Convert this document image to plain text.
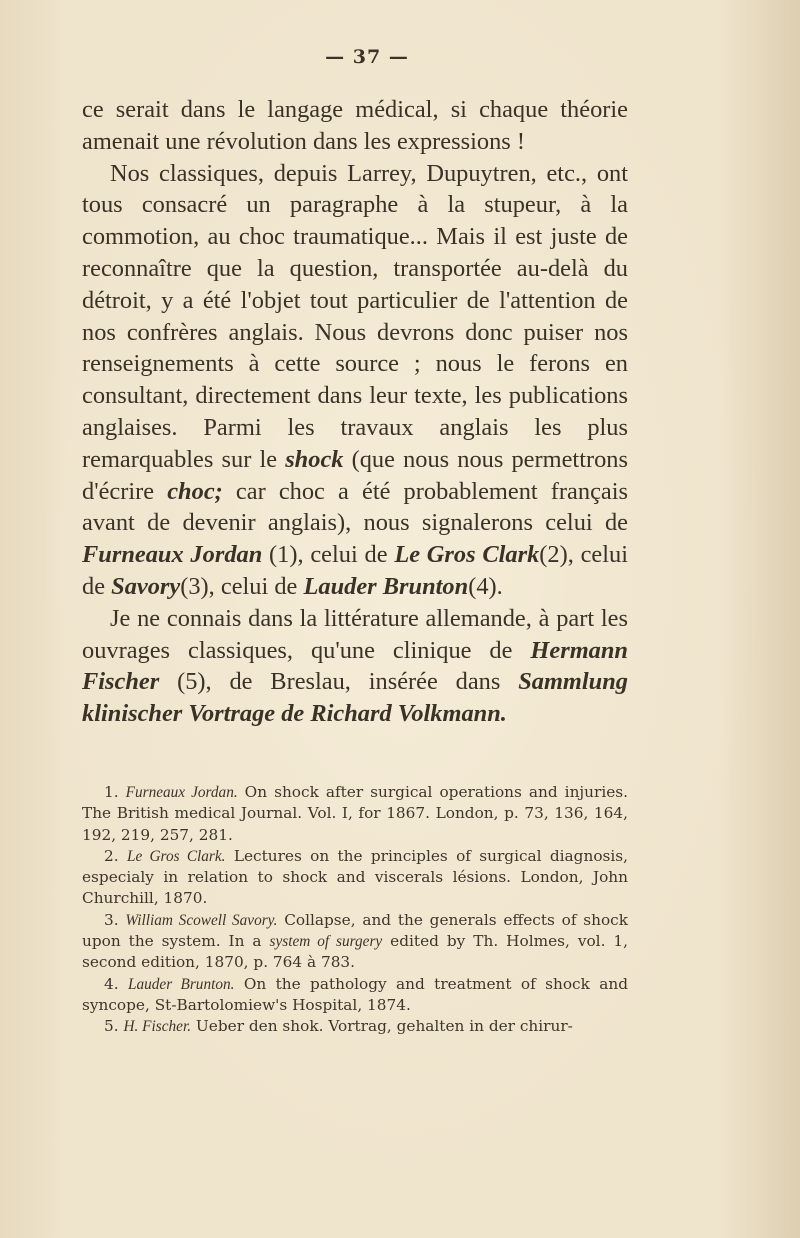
— 37 —

ce serait dans le langage médical, si chaque théorie amenait une révolution dans les expressions !

Nos classiques, depuis Larrey, Dupuytren, etc., ont tous consacré un paragraphe à la stupeur, à la commotion, au choc traumatique... Mais il est juste de reconnaître que la question, transportée au-delà du détroit, y a été l'objet tout particulier de l'attention de nos confrères anglais. Nous devrons donc puiser nos renseignements à cette source ; nous le ferons en consultant, directement dans leur texte, les publications anglaises. Parmi les travaux anglais les plus remarquables sur le shock (que nous nous permettrons d'écrire choc; car choc a été probablement français avant de devenir anglais), nous signalerons celui de Furneaux Jordan (1), celui de Le Gros Clark(2), celui de Savory(3), celui de Lauder Brunton(4).

Je ne connais dans la littérature allemande, à part les ouvrages classiques, qu'une clinique de Hermann Fischer (5), de Breslau, insérée dans Sammlung klinischer Vortrage de Richard Volkmann.

1. Furneaux Jordan. On shock after surgical operations and injuries. The British medical Journal. Vol. I, for 1867. London, p. 73, 136, 164, 192, 219, 257, 281.

2. Le Gros Clark. Lectures on the principles of surgical diagnosis, especialy in relation to shock and viscerals lésions. London, John Churchill, 1870.

3. William Scowell Savory. Collapse, and the generals effects of shock upon the system. In a system of surgery edited by Th. Holmes, vol. 1, second edition, 1870, p. 764 à 783.

4. Lauder Brunton. On the pathology and treatment of shock and syncope, St-Bartolomiew's Hospital, 1874.

5. H. Fischer. Ueber den shok. Vortrag, gehalten in der chirur-
